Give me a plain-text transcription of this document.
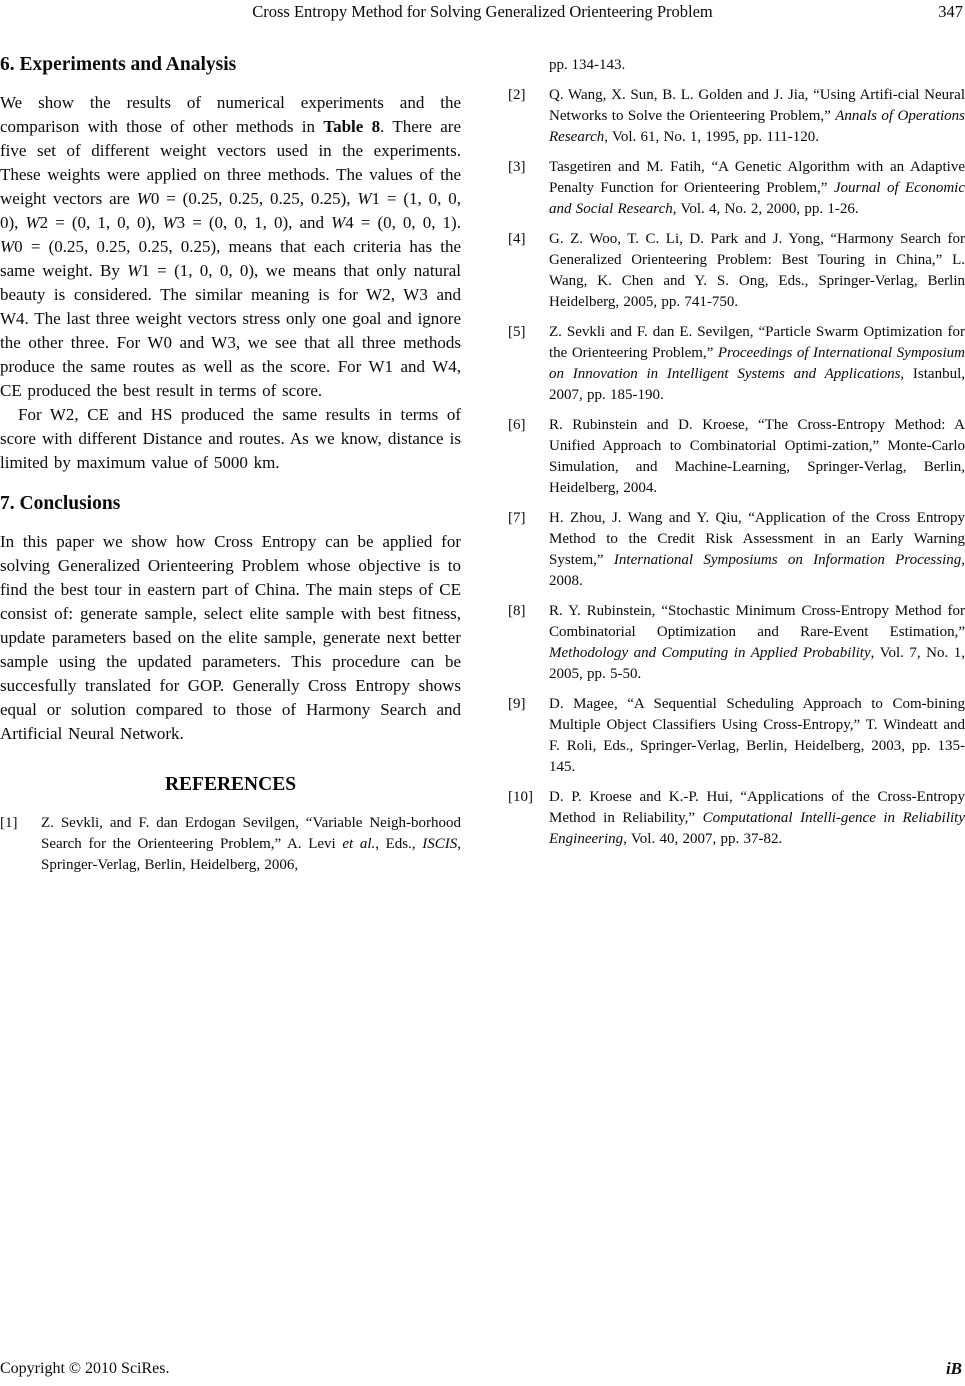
Cross Entropy Method for Solving Generalized Orienteering Problem	347
6. Experiments and Analysis

We show the results of numerical experiments and the comparison with those of other methods in Table 8. There are five set of different weight vectors used in the experiments. These weights were applied on three methods. The values of the weight vectors are W0 = (0.25, 0.25, 0.25, 0.25), W1 = (1, 0, 0, 0), W2 = (0, 1, 0, 0), W3 = (0, 0, 1, 0), and W4 = (0, 0, 0, 1). W0 = (0.25, 0.25, 0.25, 0.25), means that each criteria has the same weight. By W1 = (1, 0, 0, 0), we means that only natural beauty is considered. The similar meaning is for W2, W3 and W4. The last three weight vectors stress only one goal and ignore the other three. For W0 and W3, we see that all three methods produce the same routes as well as the score. For W1 and W4, CE produced the best result in terms of score.

For W2, CE and HS produced the same results in terms of score with different Distance and routes. As we know, distance is limited by maximum value of 5000 km.

7. Conclusions

In this paper we show how Cross Entropy can be applied for solving Generalized Orienteering Problem whose objective is to find the best tour in eastern part of China. The main steps of CE consist of: generate sample, select elite sample with best fitness, update parameters based on the elite sample, generate next better sample using the updated parameters. This procedure can be succesfully translated for GOP. Generally Cross Entropy shows equal or solution compared to those of Harmony Search and Artificial Neural Network.

REFERENCES
[1] Z. Sevkli, and F. dan Erdogan Sevilgen, “Variable Neigh-borhood Search for the Orienteering Problem,” A. Levi et al., Eds., ISCIS, Springer-Verlag, Berlin, Heidelberg, 2006,
pp. 134-143.
[2] Q. Wang, X. Sun, B. L. Golden and J. Jia, “Using Artifi-cial Neural Networks to Solve the Orienteering Problem,” Annals of Operations Research, Vol. 61, No. 1, 1995, pp. 111-120.
[3] Tasgetiren and M. Fatih, “A Genetic Algorithm with an Adaptive Penalty Function for Orienteering Problem,” Journal of Economic and Social Research, Vol. 4, No. 2, 2000, pp. 1-26.
[4] G. Z. Woo, T. C. Li, D. Park and J. Yong, “Harmony Search for Generalized Orienteering Problem: Best Touring in China,” L. Wang, K. Chen and Y. S. Ong, Eds., Springer-Verlag, Berlin Heidelberg, 2005, pp. 741-750.
[5] Z. Sevkli and F. dan E. Sevilgen, “Particle Swarm Optimization for the Orienteering Problem,” Proceedings of International Symposium on Innovation in Intelligent Systems and Applications, Istanbul, 2007, pp. 185-190.
[6] R. Rubinstein and D. Kroese, “The Cross-Entropy Method: A Unified Approach to Combinatorial Optimi-zation,” Monte-Carlo Simulation, and Machine-Learning, Springer-Verlag, Berlin, Heidelberg, 2004.
[7] H. Zhou, J. Wang and Y. Qiu, “Application of the Cross Entropy Method to the Credit Risk Assessment in an Early Warning System,” International Symposiums on Information Processing, 2008.
[8] R. Y. Rubinstein, “Stochastic Minimum Cross-Entropy Method for Combinatorial Optimization and Rare-Event Estimation,” Methodology and Computing in Applied Probability, Vol. 7, No. 1, 2005, pp. 5-50.
[9] D. Magee, “A Sequential Scheduling Approach to Com-bining Multiple Object Classifiers Using Cross-Entropy,” T. Windeatt and F. Roli, Eds., Springer-Verlag, Berlin, Heidelberg, 2003, pp. 135-145.
[10] D. P. Kroese and K.-P. Hui, “Applications of the Cross-Entropy Method in Reliability,” Computational Intelli-gence in Reliability Engineering, Vol. 40, 2007, pp. 37-82.
Copyright © 2010 SciRes.	iB
